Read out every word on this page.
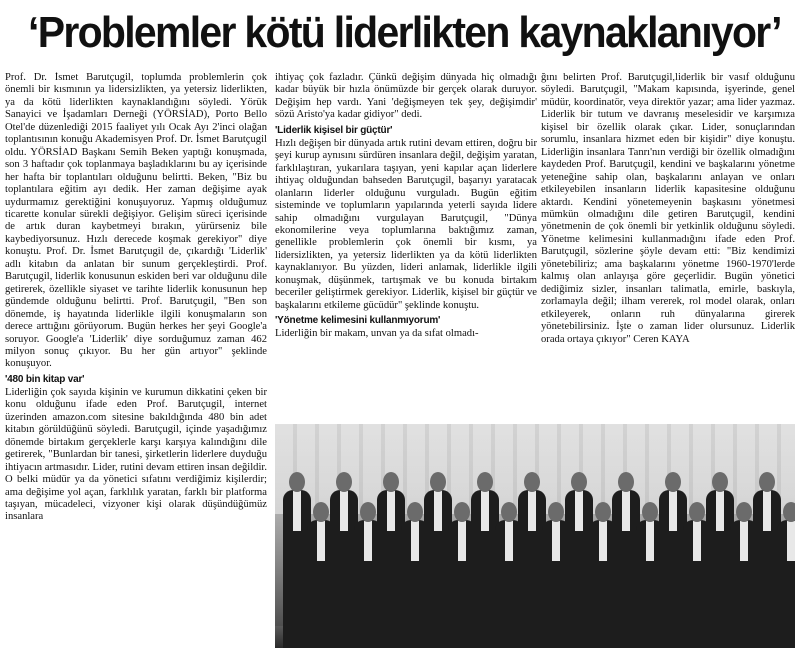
‘Problemler kötü liderlikten kaynaklanıyor’

Prof. Dr. İsmet Barutçugil, toplumda problemlerin çok önemli bir kısmının ya lidersizlikten, ya yetersiz liderlikten, ya da kötü liderlikten kaynaklandığını söyledi. Yörük Sanayici ve İşadamları Derneği (YÖRSİAD), Porto Bello Otel'de düzenlediği 2015 faaliyet yılı Ocak Ayı 2'inci olağan toplantısının konuğu Akademisyen Prof. Dr. İsmet Barutçugil oldu. YÖRSİAD Başkanı Semih Beken yaptığı konuşmada, son 3 haftadır çok toplanmaya başladıklarını bu ay içerisinde her hafta bir toplantıları olduğunu belirtti. Beken, "Biz bu toplantılara eğitim ayı dedik. Her zaman değişime ayak uydurmamız gerektiğini konuşuyoruz. Yapmış olduğumuz ticarette konular sürekli değişiyor. Gelişim süreci içerisinde de artık duran kaybetmeyi bırakın, yürürseniz bile kaybediyorsunuz. Hızlı derecede koşmak gerekiyor" diye konuştu. Prof. Dr. İsmet Barutçugil de, çıkardığı 'Liderlik' adlı kitabın da anlatan bir sunum gerçekleştirdi. Prof. Barutçugil, liderlik konusunun eskiden beri var olduğunu dile getirerek, özellikle siyaset ve tarihte liderlik konusunun hep gündemde olduğunu belirtti. Prof. Barutçugil, "Ben son dönemde, iş hayatında liderlikle ilgili konuşmaların son derece arttığını görüyorum. Bugün herkes her şeyi Google'a soruyor. Google'a 'Liderlik' diye sorduğumuz zaman 462 milyon sonuç çıkıyor. Bu her gün artıyor" şeklinde konuşuyor.

'480 bin kitap var'

Liderliğin çok sayıda kişinin ve kurumun dikkatini çeken bir konu olduğunu ifade eden Prof. Barutçugil, internet üzerinden amazon.com sitesine bakıldığında 480 bin adet kitabın görüldüğünü söyledi. Barutçugil, içinde yaşadığımız dönemde birtakım gerçeklerle karşı karşıya kalındığını dile getirerek, "Bunlardan bir tanesi, şirketlerin liderlere duyduğu ihtiyacın artmasıdır. Lider, rutini devam ettiren insan değildir. O belki müdür ya da yönetici sıfatını verdiğimiz kişilerdir; ama değişime yol açan, farklılık yaratan, farklı bir platforma taşıyan, mücadeleci, vizyoner kişi olarak düşündüğümüz insanlara

ihtiyaç çok fazladır. Çünkü değişim dünyada hiç olmadığı kadar büyük bir hızla önümüzde bir gerçek olarak duruyor. Değişim hep vardı. Yani 'değişmeyen tek şey, değişimdir' sözü Aristo'ya kadar gidiyor" dedi.

'Liderlik kişisel bir güçtür'

Hızlı değişen bir dünyada artık rutini devam ettiren, doğru bir şeyi kurup aynısını sürdüren insanlara değil, değişim yaratan, farklılaştıran, yukarılara taşıyan, yeni kapılar açan liderlere ihtiyaç olduğundan bahseden Barutçugil, başarıyı yaratacak olanların liderler olduğunu vurguladı. Bugün eğitim sisteminde ve toplumların yapılarında yeterli sayıda lidere sahip olmadığını vurgulayan Barutçugil, "Dünya ekonomilerine veya toplumlarına baktığımız zaman, genellikle problemlerin çok önemli bir kısmı, ya lidersizlikten, ya yetersiz liderlikten ya da kötü liderlikten kaynaklanıyor. Bu yüzden, lideri anlamak, liderlikle ilgili konuşmak, düşünmek, tartışmak ve bu konuda birtakım beceriler geliştirmek gerekiyor. Liderlik, kişisel bir güçtür ve başkalarını etkileme gücüdür" şeklinde konuştu.

'Yönetme kelimesini kullanmıyorum'

Liderliğin bir makam, unvan ya da sıfat olmadı-

ğını belirten Prof. Barutçugil,liderlik bir vasıf olduğunu söyledi. Barutçugil, "Makam kapısında, işyerinde, genel müdür, koordinatör, veya direktör yazar; ama lider yazmaz. Liderlik bir tutum ve davranış meselesidir ve karşımıza kişisel bir özellik olarak çıkar. Lider, sonuçlarından sorumlu, insanlara hizmet eden bir kişidir" diye konuştu. Liderliğin insanlara Tanrı'nın verdiği bir özellik olmadığını kaydeden Prof. Barutçugil, kendini ve başkalarını yönetme yeteneğine sahip olan, başkalarını anlayan ve onları etkileyebilen insanların liderlik kapasitesine olduğunu aktardı. Kendini yönetemeyenin başkasını yönetmesi mümkün olmadığını dile getiren Barutçugil, kendini yönetmenin de çok önemli bir yetkinlik olduğunu söyledi. Yönetme kelimesini kullanmadığını ifade eden Prof. Barutçugil, sözlerine şöyle devam etti: "Biz kendimizi yönetebiliriz; ama başkalarını yönetme 1960-1970'lerde kalmış olan anlayışa göre geçerlidir. Bugün yönetici dediğimiz sizler, insanları talimatla, emirle, baskıyla, zorlamayla değil; ilham vererek, rol model olarak, onları etkileyerek, onların ruh dünyalarına girerek yönetebilirsiniz. İşte o zaman lider olursunuz. Liderlik orada ortaya çıkıyor" Ceren KAYA
